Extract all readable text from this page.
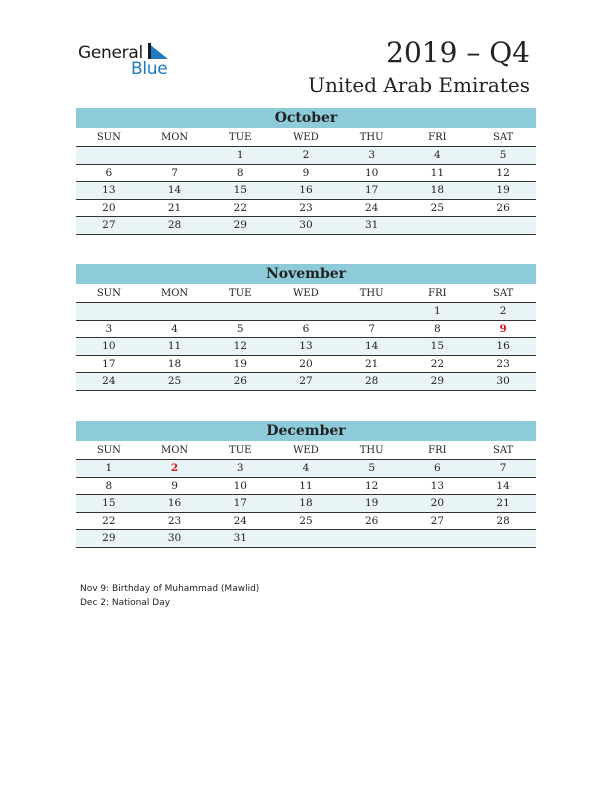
General
Blue	2019 – Q4
United Arab Emirates
October
SUN	MON	TUE	WED	THU	FRI	SAT
		1	2	3	4	5
6	7	8	9	10	11	12
13	14	15	16	17	18	19
20	21	22	23	24	25	26
27	28	29	30	31		
November
SUN	MON	TUE	WED	THU	FRI	SAT
					1	2
3	4	5	6	7	8	9
10	11	12	13	14	15	16
17	18	19	20	21	22	23
24	25	26	27	28	29	30
December
SUN	MON	TUE	WED	THU	FRI	SAT
1	2	3	4	5	6	7
8	9	10	11	12	13	14
15	16	17	18	19	20	21
22	23	24	25	26	27	28
29	30	31				
Nov 9: Birthday of Muhammad (Mawlid)
Dec 2: National Day
